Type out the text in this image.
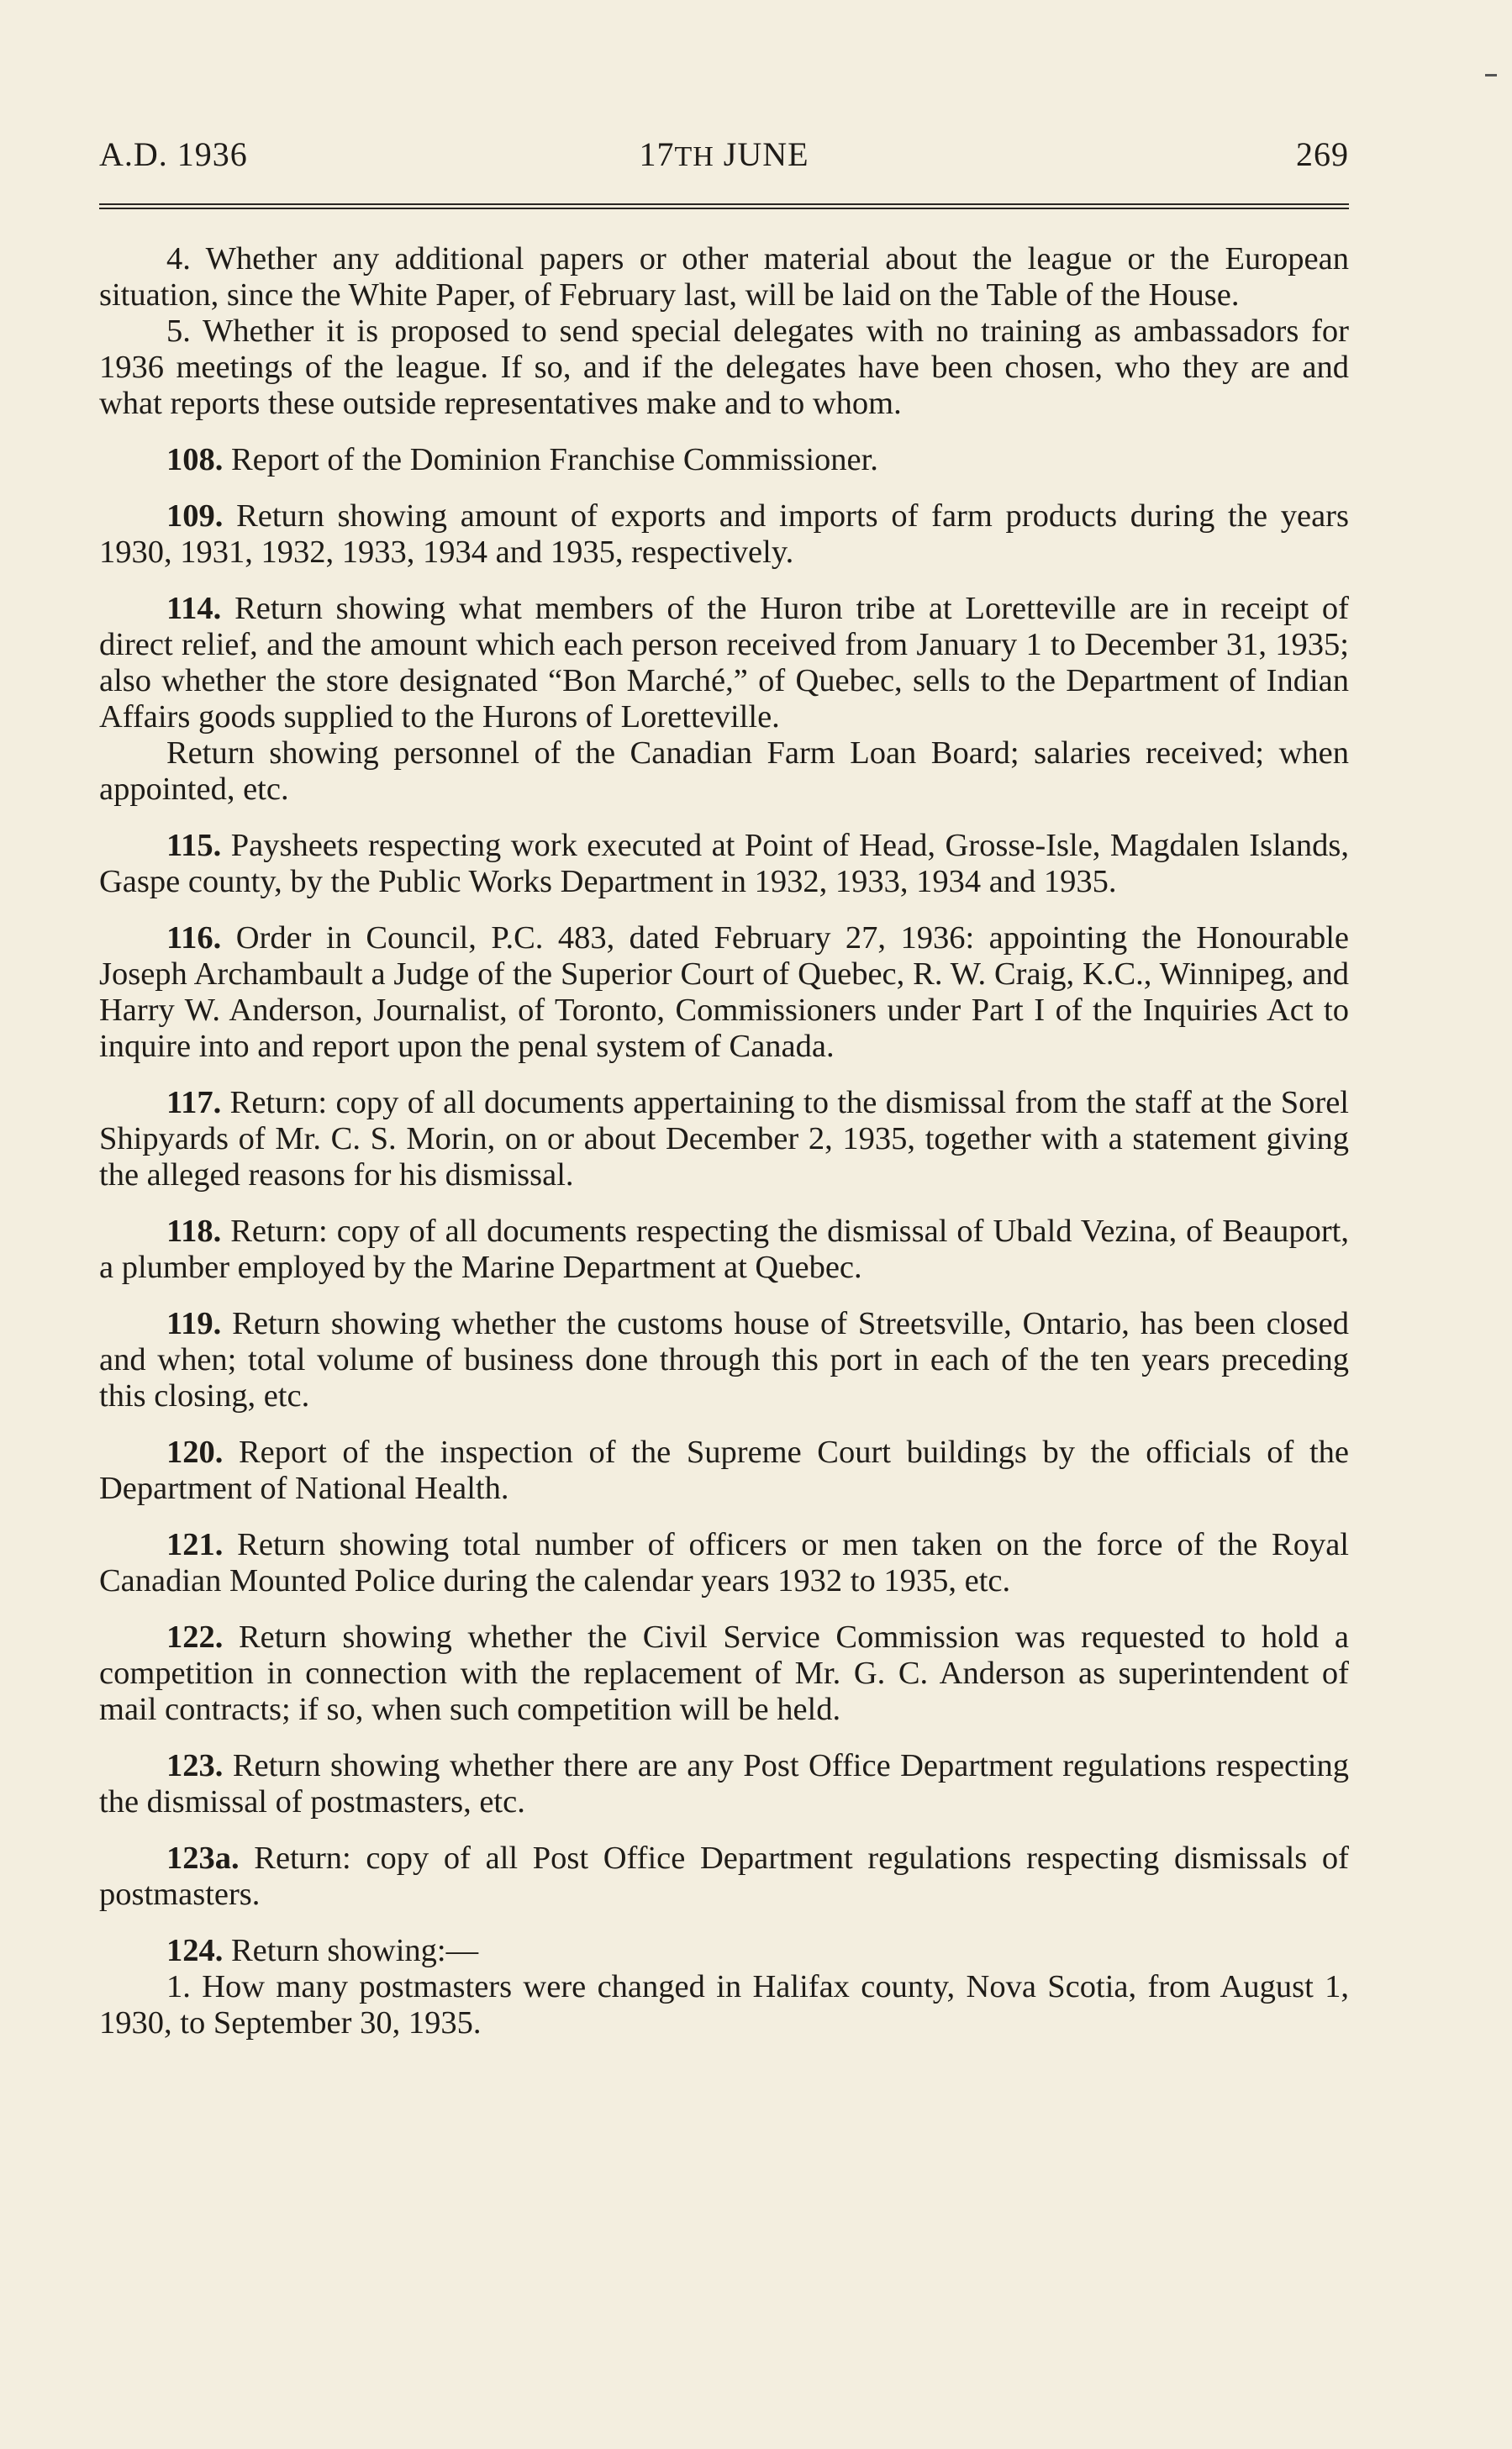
A.D. 1936	17TH JUNE	269

4. Whether any additional papers or other material about the league or the European situation, since the White Paper, of February last, will be laid on the Table of the House.

5. Whether it is proposed to send special delegates with no training as ambassadors for 1936 meetings of the league. If so, and if the delegates have been chosen, who they are and what reports these outside representatives make and to whom.

108. Report of the Dominion Franchise Commissioner.

109. Return showing amount of exports and imports of farm products during the years 1930, 1931, 1932, 1933, 1934 and 1935, respectively.

114. Return showing what members of the Huron tribe at Loretteville are in receipt of direct relief, and the amount which each person received from January 1 to December 31, 1935; also whether the store designated “Bon Marché,” of Quebec, sells to the Department of Indian Affairs goods supplied to the Hurons of Loretteville.

Return showing personnel of the Canadian Farm Loan Board; salaries received; when appointed, etc.

115. Paysheets respecting work executed at Point of Head, Grosse-Isle, Magdalen Islands, Gaspe county, by the Public Works Department in 1932, 1933, 1934 and 1935.

116. Order in Council, P.C. 483, dated February 27, 1936: appointing the Honourable Joseph Archambault a Judge of the Superior Court of Quebec, R. W. Craig, K.C., Winnipeg, and Harry W. Anderson, Journalist, of Toronto, Commissioners under Part I of the Inquiries Act to inquire into and report upon the penal system of Canada.

117. Return: copy of all documents appertaining to the dismissal from the staff at the Sorel Shipyards of Mr. C. S. Morin, on or about December 2, 1935, together with a statement giving the alleged reasons for his dismissal.

118. Return: copy of all documents respecting the dismissal of Ubald Vezina, of Beauport, a plumber employed by the Marine Department at Quebec.

119. Return showing whether the customs house of Streetsville, Ontario, has been closed and when; total volume of business done through this port in each of the ten years preceding this closing, etc.

120. Report of the inspection of the Supreme Court buildings by the officials of the Department of National Health.

121. Return showing total number of officers or men taken on the force of the Royal Canadian Mounted Police during the calendar years 1932 to 1935, etc.

122. Return showing whether the Civil Service Commission was requested to hold a competition in connection with the replacement of Mr. G. C. Anderson as superintendent of mail contracts; if so, when such competition will be held.

123. Return showing whether there are any Post Office Department regulations respecting the dismissal of postmasters, etc.

123a. Return: copy of all Post Office Department regulations respecting dismissals of postmasters.

124. Return showing:—

1. How many postmasters were changed in Halifax county, Nova Scotia, from August 1, 1930, to September 30, 1935.
